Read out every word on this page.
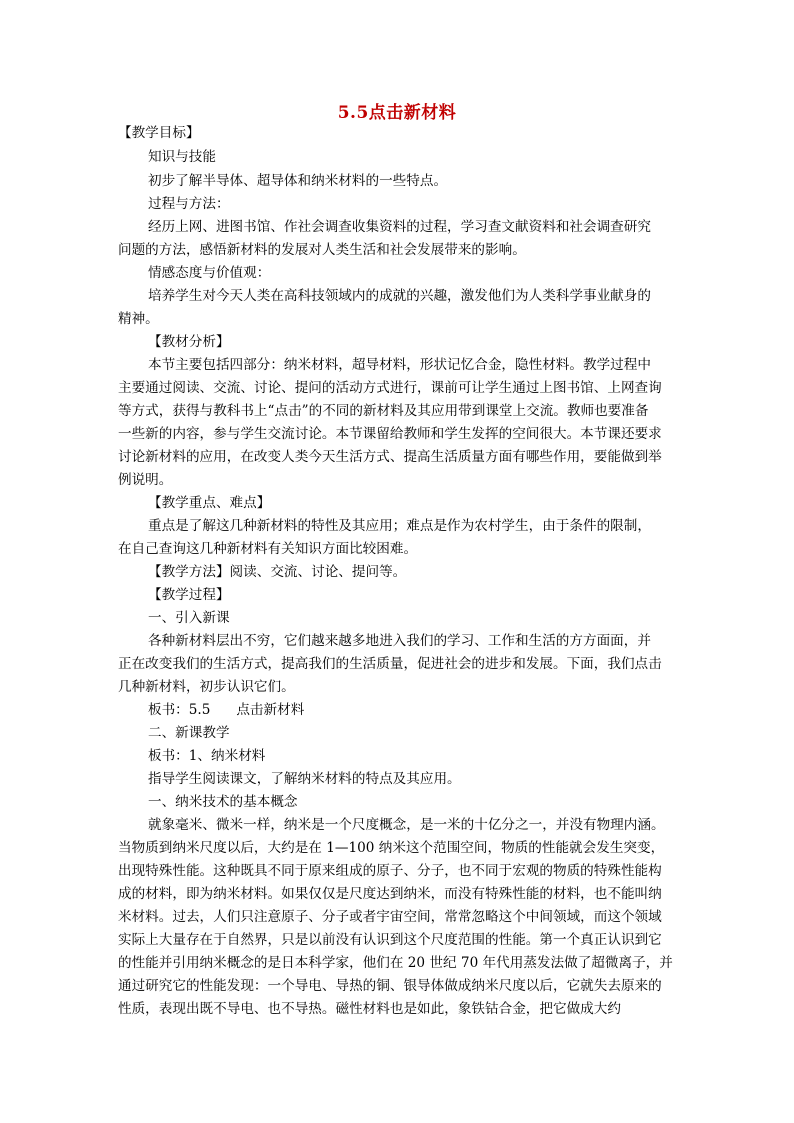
5.5点击新材料
【教学目标】
知识与技能
初步了解半导体、超导体和纳米材料的一些特点。
过程与方法：
经历上网、进图书馆、作社会调查收集资料的过程，学习查文献资料和社会调查研究
问题的方法，感悟新材料的发展对人类生活和社会发展带来的影响。
情感态度与价值观：
培养学生对今天人类在高科技领域内的成就的兴趣，激发他们为人类科学事业献身的
精神。
【教材分析】
本节主要包括四部分：纳米材料，超导材料，形状记忆合金，隐性材料。教学过程中
主要通过阅读、交流、讨论、提问的活动方式进行，课前可让学生通过上图书馆、上网查询
等方式，获得与教科书上“点击”的不同的新材料及其应用带到课堂上交流。教师也要准备
一些新的内容，参与学生交流讨论。本节课留给教师和学生发挥的空间很大。本节课还要求
讨论新材料的应用，在改变人类今天生活方式、提高生活质量方面有哪些作用，要能做到举
例说明。
【教学重点、难点】
重点是了解这几种新材料的特性及其应用；难点是作为农村学生，由于条件的限制，
在自己查询这几种新材料有关知识方面比较困难。
【教学方法】阅读、交流、讨论、提问等。
【教学过程】
一、引入新课
各种新材料层出不穷，它们越来越多地进入我们的学习、工作和生活的方方面面，并
正在改变我们的生活方式，提高我们的生活质量，促进社会的进步和发展。下面，我们点击
几种新材料，初步认识它们。
板书：5.5      点击新材料
二、新课教学
板书：1、纳米材料
指导学生阅读课文，了解纳米材料的特点及其应用。
一、纳米技术的基本概念
就象毫米、微米一样，纳米是一个尺度概念，是一米的十亿分之一，并没有物理内涵。
当物质到纳米尺度以后，大约是在 1—100 纳米这个范围空间，物质的性能就会发生突变，
出现特殊性能。这种既具不同于原来组成的原子、分子，也不同于宏观的物质的特殊性能构
成的材料，即为纳米材料。如果仅仅是尺度达到纳米，而没有特殊性能的材料，也不能叫纳
米材料。过去，人们只注意原子、分子或者宇宙空间，常常忽略这个中间领域，而这个领域
实际上大量存在于自然界，只是以前没有认识到这个尺度范围的性能。第一个真正认识到它
的性能并引用纳米概念的是日本科学家，他们在 20 世纪 70 年代用蒸发法做了超微离子，并
通过研究它的性能发现：一个导电、导热的铜、银导体做成纳米尺度以后，它就失去原来的
性质，表现出既不导电、也不导热。磁性材料也是如此，象铁钴合金，把它做成大约
